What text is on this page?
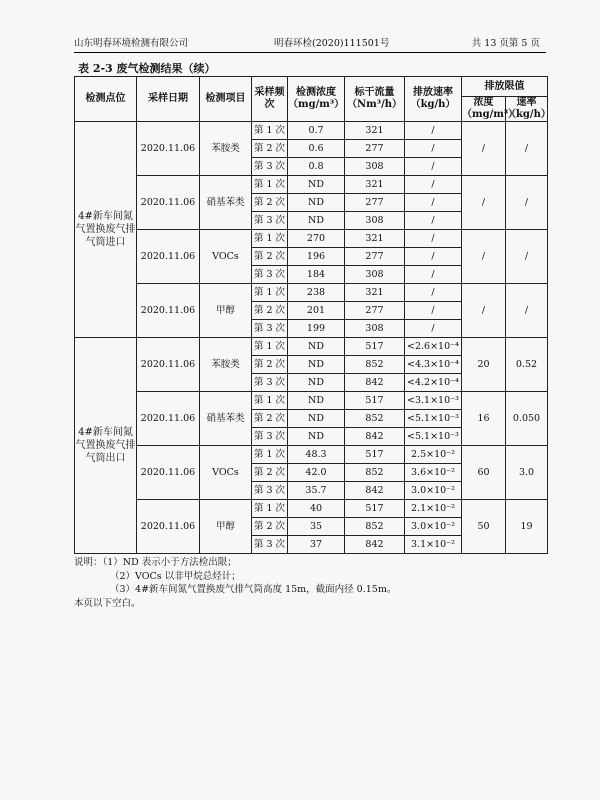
山东明春环境检测有限公司	明春环检(2020)111501号	共 13 页第 5 页
表 2-3 废气检测结果（续）
检测点位	采样日期	检测项目	采样频次	检测浓度（mg/m³）	标干流量（Nm³/h）	排放速率（kg/h）	排放限值	
							浓度（mg/m³）	速率（kg/h）
4#新车间氮气置换废气排气筒进口	2020.11.06	苯胺类	第 1 次	0.7	321	/	/	/
			第 2 次	0.6	277	/		
			第 3 次	0.8	308	/		
	2020.11.06	硝基苯类	第 1 次	ND	321	/	/	/
			第 2 次	ND	277	/		
			第 3 次	ND	308	/		
	2020.11.06	VOCs	第 1 次	270	321	/	/	/
			第 2 次	196	277	/		
			第 3 次	184	308	/		
	2020.11.06	甲醇	第 1 次	238	321	/	/	/
			第 2 次	201	277	/		
			第 3 次	199	308	/		
4#新车间氮气置换废气排气筒出口	2020.11.06	苯胺类	第 1 次	ND	517	<2.6×10⁻⁴	20	0.52
			第 2 次	ND	852	<4.3×10⁻⁴		
			第 3 次	ND	842	<4.2×10⁻⁴		
	2020.11.06	硝基苯类	第 1 次	ND	517	<3.1×10⁻³	16	0.050
			第 2 次	ND	852	<5.1×10⁻³		
			第 3 次	ND	842	<5.1×10⁻³		
	2020.11.06	VOCs	第 1 次	48.3	517	2.5×10⁻²	60	3.0
			第 2 次	42.0	852	3.6×10⁻²		
			第 3 次	35.7	842	3.0×10⁻²		
	2020.11.06	甲醇	第 1 次	40	517	2.1×10⁻²	50	19
			第 2 次	35	852	3.0×10⁻²		
			第 3 次	37	842	3.1×10⁻²		
说明：（1）ND 表示小于方法检出限；
（2）VOCs 以非甲烷总烃计；
（3）4#新车间氮气置换废气排气筒高度 15m，截面内径 0.15m。
本页以下空白。
